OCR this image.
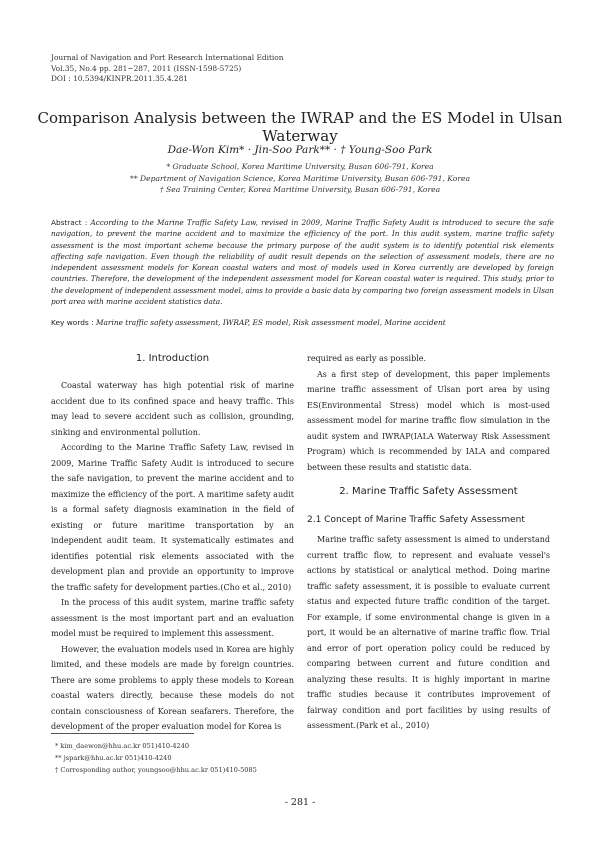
Journal of Navigation and Port Research International Edition
Vol.35, No.4 pp. 281~287, 2011 (ISSN-1598-5725)
DOI : 10.5394/KINPR.2011.35.4.281
Comparison Analysis between the IWRAP and the ES Model in Ulsan Waterway
Dae-Won Kim* · Jin-Soo Park** · † Young-Soo Park
* Graduate School, Korea Maritime University, Busan 606-791, Korea
** Department of Navigation Science, Korea Maritime University, Busan 606-791, Korea
† Sea Training Center, Korea Maritime University, Busan 606-791, Korea
Abstract : According to the Marine Traffic Safety Law, revised in 2009, Marine Traffic Safety Audit is introduced to secure the safe navigation, to prevent the marine accident and to maximize the efficiency of the port. In this audit system, marine traffic safety assessment is the most important scheme because the primary purpose of the audit system is to identify potential risk elements affecting safe navigation. Even though the reliability of audit result depends on the selection of assessment models, there are no independent assessment models for Korean coastal waters and most of models used in Korea currently are developed by foreign countries. Therefore, the development of the independent assessment model for Korean coastal water is required. This study, prior to the development of independent assessment model, aims to provide a basic data by comparing two foreign assessment models in Ulsan port area with marine accident statistics data.
Key words : Marine traffic safety assessment, IWRAP, ES model, Risk assessment model, Marine accident
1. Introduction

Coastal waterway has high potential risk of marine accident due to its confined space and heavy traffic. This may lead to severe accident such as collision, grounding, sinking and environmental pollution.

According to the Marine Traffic Safety Law, revised in 2009, Marine Traffic Safety Audit is introduced to secure the safe navigation, to prevent the marine accident and to maximize the efficiency of the port. A maritime safety audit is a formal safety diagnosis examination in the field of existing or future maritime transportation by an independent audit team. It systematically estimates and identifies potential risk elements associated with the development plan and provide an opportunity to improve the traffic safety for development parties.(Cho et al., 2010)

In the process of this audit system, marine traffic safety assessment is the most important part and an evaluation model must be required to implement this assessment.

However, the evaluation models used in Korea are highly limited, and these models are made by foreign countries. There are some problems to apply these models to Korean coastal waters directly, because these models do not contain consciousness of Korean seafarers. Therefore, the development of the proper evaluation model for Korea is

required as early as possible.

As a first step of development, this paper implements marine traffic assessment of Ulsan port area by using ES(Environmental Stress) model which is most-used assessment model for marine traffic flow simulation in the audit system and IWRAP(IALA Waterway Risk Assessment Program) which is recommended by IALA and compared between these results and statistic data.

2. Marine Traffic Safety Assessment
2.1 Concept of Marine Traffic Safety Assessment

Marine traffic safety assessment is aimed to understand current traffic flow, to represent and evaluate vessel's actions by statistical or analytical method. Doing marine traffic safety assessment, it is possible to evaluate current status and expected future traffic condition of the target. For example, if some environmental change is given in a port, it would be an alternative of marine traffic flow. Trial and error of port operation policy could be reduced by comparing between current and future condition and analyzing these results. It is highly important in marine traffic studies because it contributes improvement of fairway condition and port facilities by using results of assessment.(Park et al., 2010)

* kim_daewon@hhu.ac.kr 051)410-4240
** jspark@hhu.ac.kr 051)410-4240
† Corresponding author, youngsoo@hhu.ac.kr 051)410-5085
- 281 -
